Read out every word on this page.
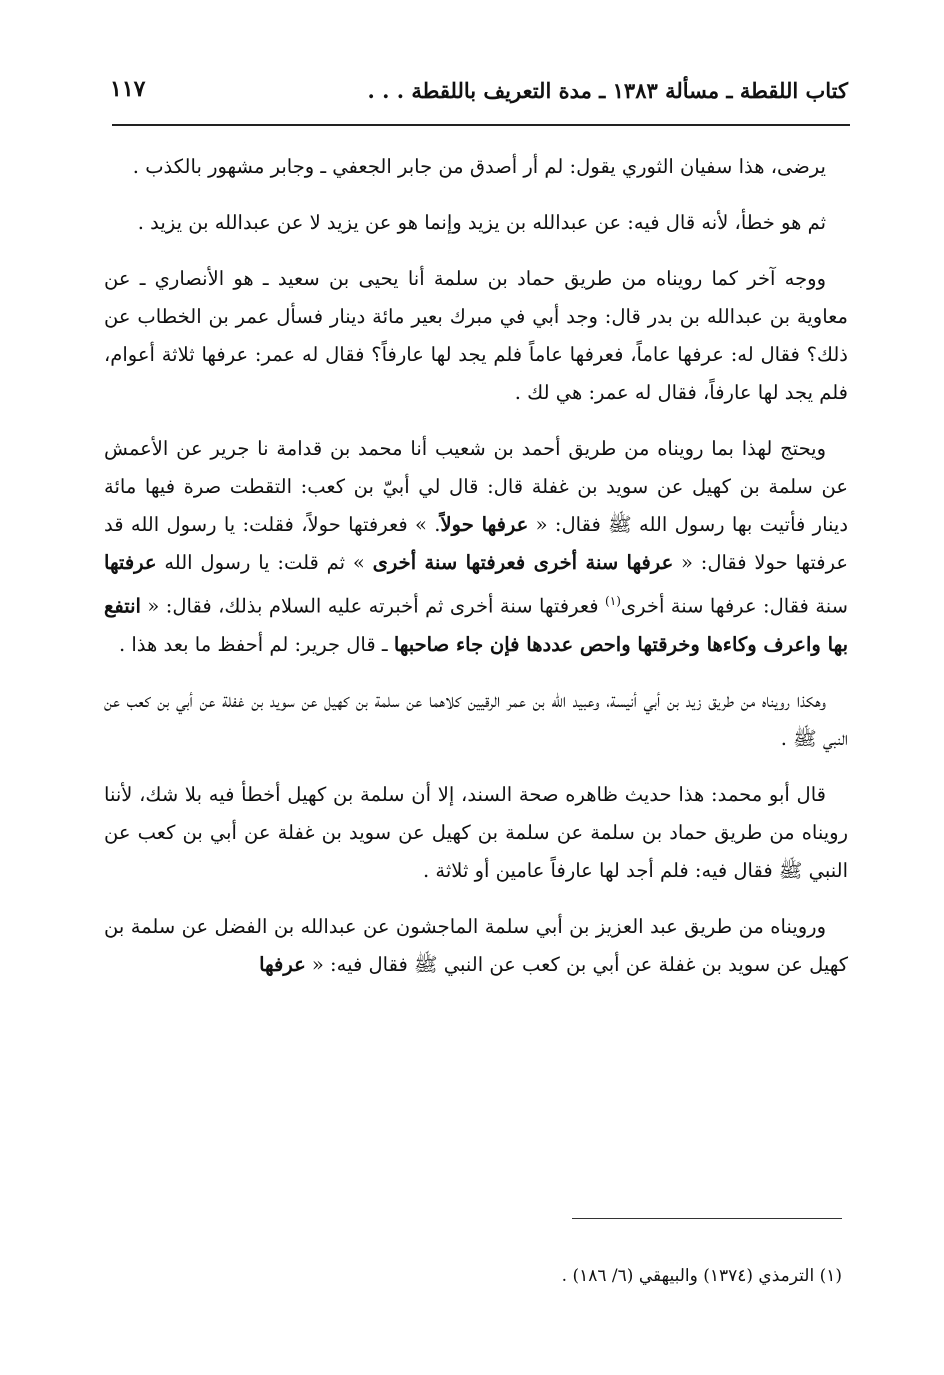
كتاب اللقطة ـ مسألة ١٣٨٣ ـ مدة التعريف باللقطة . . .
١١٧

يرضى، هذا سفيان الثوري يقول: لم أر أصدق من جابر الجعفي ـ وجابر مشهور بالكذب .

ثم هو خطأ، لأنه قال فيه: عن عبدالله بن يزيد وإنما هو عن يزيد لا عن عبدالله بن يزيد .

ووجه آخر كما رويناه من طريق حماد بن سلمة أنا يحيى بن سعيد ـ هو الأنصاري ـ عن معاوية بن عبدالله بن بدر قال: وجد أبي في مبرك بعير مائة دينار فسأل عمر بن الخطاب عن ذلك؟ فقال له: عرفها عاماً، فعرفها عاماً فلم يجد لها عارفاً؟ فقال له عمر: عرفها ثلاثة أعوام، فلم يجد لها عارفاً، فقال له عمر: هي لك .

ويحتج لهذا بما رويناه من طريق أحمد بن شعيب أنا محمد بن قدامة نا جرير عن الأعمش عن سلمة بن كهيل عن سويد بن غفلة قال: قال لي أبيّ بن كعب: التقطت صرة فيها مائة دينار فأتيت بها رسول الله ﷺ فقال: « عرفها حولاً. » فعرفتها حولاً، فقلت: يا رسول الله قد عرفتها حولا فقال: « عرفها سنة أخرى فعرفتها سنة أخرى » ثم قلت: يا رسول الله عرفتها سنة فقال: عرفها سنة أخرى$^{(١)}$ فعرفتها سنة أخرى ثم أخبرته عليه السلام بذلك، فقال: « انتفع بها واعرف وكاءها وخرقتها واحص عددها فإن جاء صاحبها ـ قال جرير: لم أحفظ ما بعد هذا .

وهكذا رويناه من طريق زيد بن أبي أنيسة، وعبيد الله بن عمر الرقيين كلاهما عن سلمة بن كهيل عن سويد بن غفلة عن أبي بن كعب عن النبي ﷺ .

قال أبو محمد: هذا حديث ظاهره صحة السند، إلا أن سلمة بن كهيل أخطأ فيه بلا شك، لأننا رويناه من طريق حماد بن سلمة عن سلمة بن كهيل عن سويد بن غفلة عن أبي بن كعب عن النبي ﷺ فقال فيه: فلم أجد لها عارفاً عامين أو ثلاثة .

ورويناه من طريق عبد العزيز بن أبي سلمة الماجشون عن عبدالله بن الفضل عن سلمة بن كهيل عن سويد بن غفلة عن أبي بن كعب عن النبي ﷺ فقال فيه: « عرفها

(١) الترمذي (١٣٧٤) والبيهقي (٦/ ١٨٦) .
